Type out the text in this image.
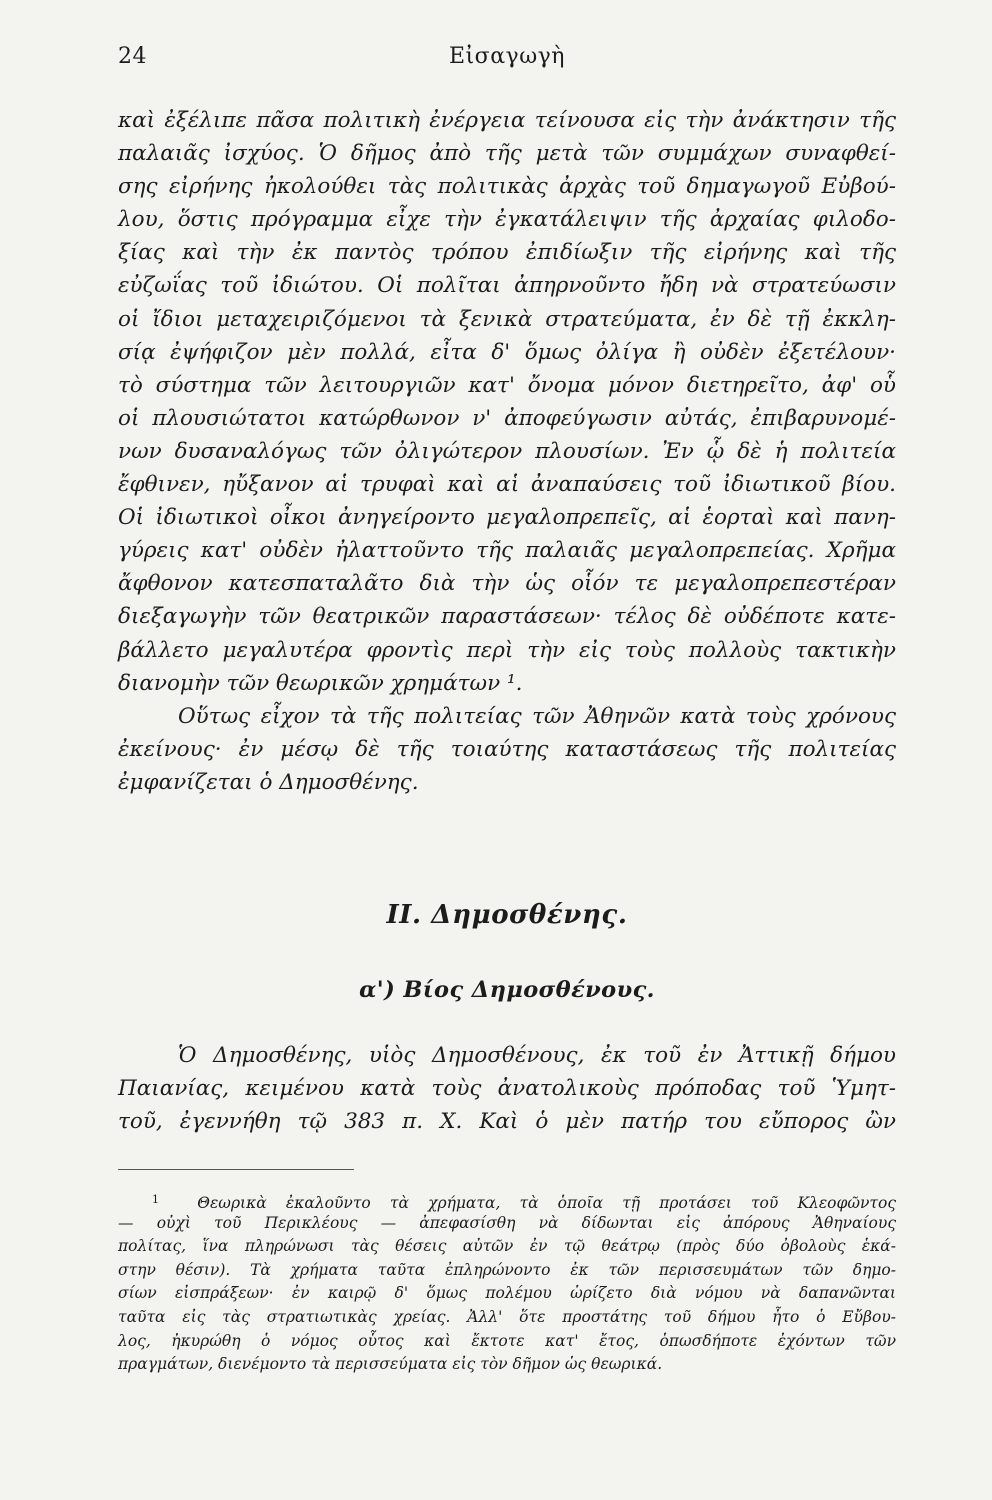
24	Εἰσαγωγὴ
καὶ ἐξέλιπε πᾶσα πολιτικὴ ἐνέργεια τείνουσα εἰς τὴν ἀνάκτησιν τῆς
παλαιᾶς ἰσχύος. Ὁ δῆμος ἀπὸ τῆς μετὰ τῶν συμμάχων συναφθεί-
σης εἰρήνης ἠκολούθει τὰς πολιτικὰς ἀρχὰς τοῦ δημαγωγοῦ Εὐβού-
λου, ὅστις πρόγραμμα εἶχε τὴν ἐγκατάλειψιν τῆς ἀρχαίας φιλοδο-
ξίας καὶ τὴν ἐκ παντὸς τρόπου ἐπιδίωξιν τῆς εἰρήνης καὶ τῆς
εὐζωΐας τοῦ ἰδιώτου. Οἱ πολῖται ἀπηρνοῦντο ἤδη νὰ στρατεύωσιν
οἱ ἴδιοι μεταχειριζόμενοι τὰ ξενικὰ στρατεύματα, ἐν δὲ τῇ ἐκκλη-
σίᾳ ἐψήφιζον μὲν πολλά, εἶτα δ' ὅμως ὀλίγα ἢ οὐδὲν ἐξετέλουν·
τὸ σύστημα τῶν λειτουργιῶν κατ' ὄνομα μόνον διετηρεῖτο, ἀφ' οὗ
οἱ πλουσιώτατοι κατώρθωνον ν' ἀποφεύγωσιν αὐτάς, ἐπιβαρυνομέ-
νων δυσαναλόγως τῶν ὀλιγώτερον πλουσίων. Ἐν ᾧ δὲ ἡ πολιτεία
ἔφθινεν, ηὔξανον αἱ τρυφαὶ καὶ αἱ ἀναπαύσεις τοῦ ἰδιωτικοῦ βίου.
Οἱ ἰδιωτικοὶ οἶκοι ἀνηγείροντο μεγαλοπρεπεῖς, αἱ ἑορταὶ καὶ πανη-
γύρεις κατ' οὐδὲν ἠλαττοῦντο τῆς παλαιᾶς μεγαλοπρεπείας. Χρῆμα
ἄφθονον κατεσπαταλᾶτο διὰ τὴν ὡς οἷόν τε μεγαλοπρεπεστέραν
διεξαγωγὴν τῶν θεατρικῶν παραστάσεων· τέλος δὲ οὐδέποτε κατε-
βάλλετο μεγαλυτέρα φροντὶς περὶ τὴν εἰς τοὺς πολλοὺς τακτικὴν
διανομὴν τῶν θεωρικῶν χρημάτων ¹.
Οὕτως εἶχον τὰ τῆς πολιτείας τῶν Ἀθηνῶν κατὰ τοὺς χρόνους
ἐκείνους· ἐν μέσῳ δὲ τῆς τοιαύτης καταστάσεως τῆς πολιτείας
ἐμφανίζεται ὁ Δημοσθένης.
II. Δημοσθένης.
α') Βίος Δημοσθένους.
Ὁ Δημοσθένης, υἱὸς Δημοσθένους, ἐκ τοῦ ἐν Ἀττικῇ δήμου
Παιανίας, κειμένου κατὰ τοὺς ἀνατολικοὺς πρόποδας τοῦ Ὑμητ-
τοῦ, ἐγεννήθη τῷ 383 π. Χ. Καὶ ὁ μὲν πατήρ του εὔπορος ὢν
$^1$ Θεωρικὰ ἐκαλοῦντο τὰ χρήματα, τὰ ὁποῖα τῇ προτάσει τοῦ Κλεοφῶντος
— οὐχὶ τοῦ Περικλέους — ἀπεφασίσθη νὰ δίδωνται εἰς ἀπόρους Ἀθηναίους
πολίτας, ἵνα πληρώνωσι τὰς θέσεις αὐτῶν ἐν τῷ θεάτρῳ (πρὸς δύο ὀβολοὺς ἑκά-
στην θέσιν). Τὰ χρήματα ταῦτα ἐπληρώνοντο ἐκ τῶν περισσευμάτων τῶν δημο-
σίων εἰσπράξεων· ἐν καιρῷ δ' ὅμως πολέμου ὡρίζετο διὰ νόμου νὰ δαπανῶνται
ταῦτα εἰς τὰς στρατιωτικὰς χρείας. Ἀλλ' ὅτε προστάτης τοῦ δήμου ἦτο ὁ Εὔβου-
λος, ἠκυρώθη ὁ νόμος οὗτος καὶ ἔκτοτε κατ' ἔτος, ὁπωσδήποτε ἐχόντων τῶν
πραγμάτων, διενέμοντο τὰ περισσεύματα εἰς τὸν δῆμον ὡς θεωρικά.
